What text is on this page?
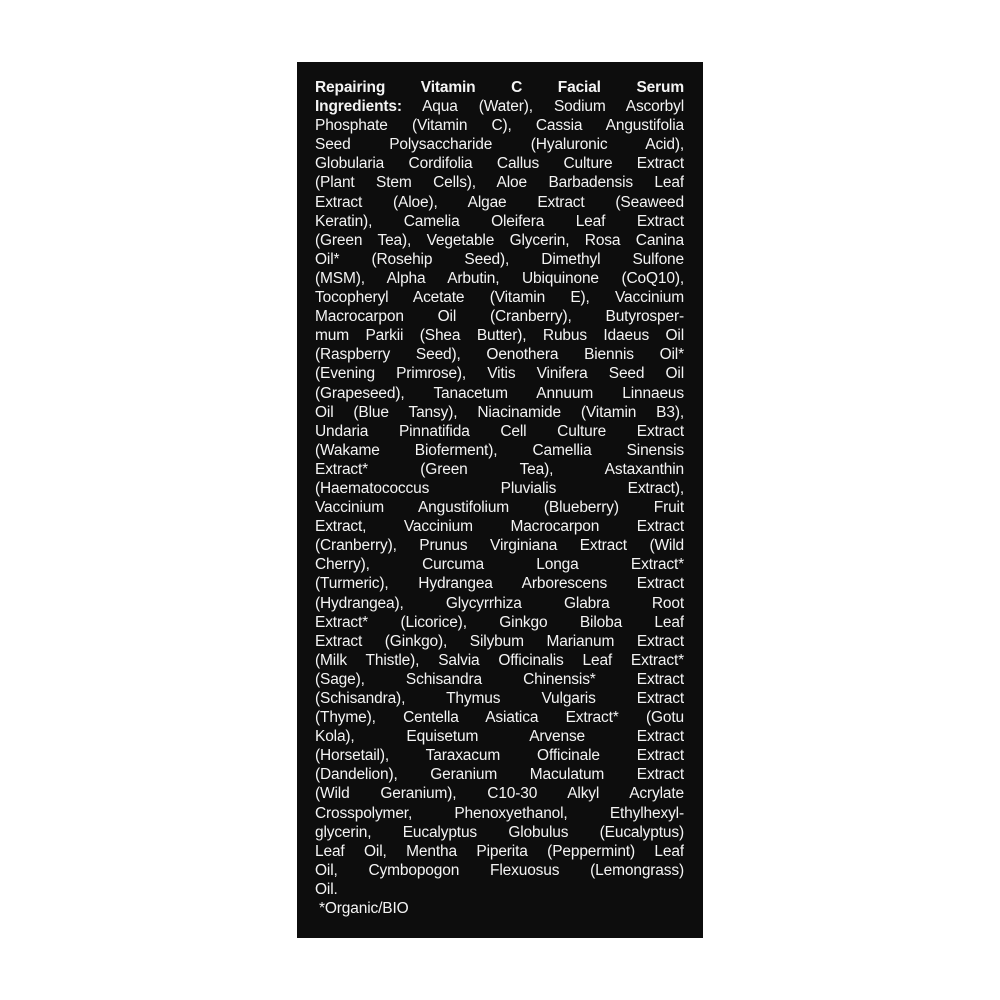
Repairing Vitamin C Facial Serum
Ingredients: Aqua (Water), Sodium Ascorbyl
Phosphate (Vitamin C), Cassia Angustifolia
Seed Polysaccharide (Hyaluronic Acid),
Globularia Cordifolia Callus Culture Extract
(Plant Stem Cells), Aloe Barbadensis Leaf
Extract (Aloe), Algae Extract (Seaweed
Keratin), Camelia Oleifera Leaf Extract
(Green Tea), Vegetable Glycerin, Rosa Canina
Oil* (Rosehip Seed), Dimethyl Sulfone
(MSM), Alpha Arbutin, Ubiquinone (CoQ10),
Tocopheryl Acetate (Vitamin E), Vaccinium
Macrocarpon Oil (Cranberry), Butyrosper-
mum Parkii (Shea Butter), Rubus Idaeus Oil
(Raspberry Seed), Oenothera Biennis Oil*
(Evening Primrose), Vitis Vinifera Seed Oil
(Grapeseed), Tanacetum Annuum Linnaeus
Oil (Blue Tansy), Niacinamide (Vitamin B3),
Undaria Pinnatifida Cell Culture Extract
(Wakame Bioferment), Camellia Sinensis
Extract* (Green Tea), Astaxanthin
(Haematococcus Pluvialis Extract),
Vaccinium Angustifolium (Blueberry) Fruit
Extract, Vaccinium Macrocarpon Extract
(Cranberry), Prunus Virginiana Extract (Wild
Cherry), Curcuma Longa Extract*
(Turmeric), Hydrangea Arborescens Extract
(Hydrangea), Glycyrrhiza Glabra Root
Extract* (Licorice), Ginkgo Biloba Leaf
Extract (Ginkgo), Silybum Marianum Extract
(Milk Thistle), Salvia Officinalis Leaf Extract*
(Sage), Schisandra Chinensis* Extract
(Schisandra), Thymus Vulgaris Extract
(Thyme), Centella Asiatica Extract* (Gotu
Kola), Equisetum Arvense Extract
(Horsetail), Taraxacum Officinale Extract
(Dandelion), Geranium Maculatum Extract
(Wild Geranium), C10-30 Alkyl Acrylate
Crosspolymer, Phenoxyethanol, Ethylhexyl-
glycerin, Eucalyptus Globulus (Eucalyptus)
Leaf Oil, Mentha Piperita (Peppermint) Leaf
Oil, Cymbopogon Flexuosus (Lemongrass)
Oil.
*Organic/BIO
